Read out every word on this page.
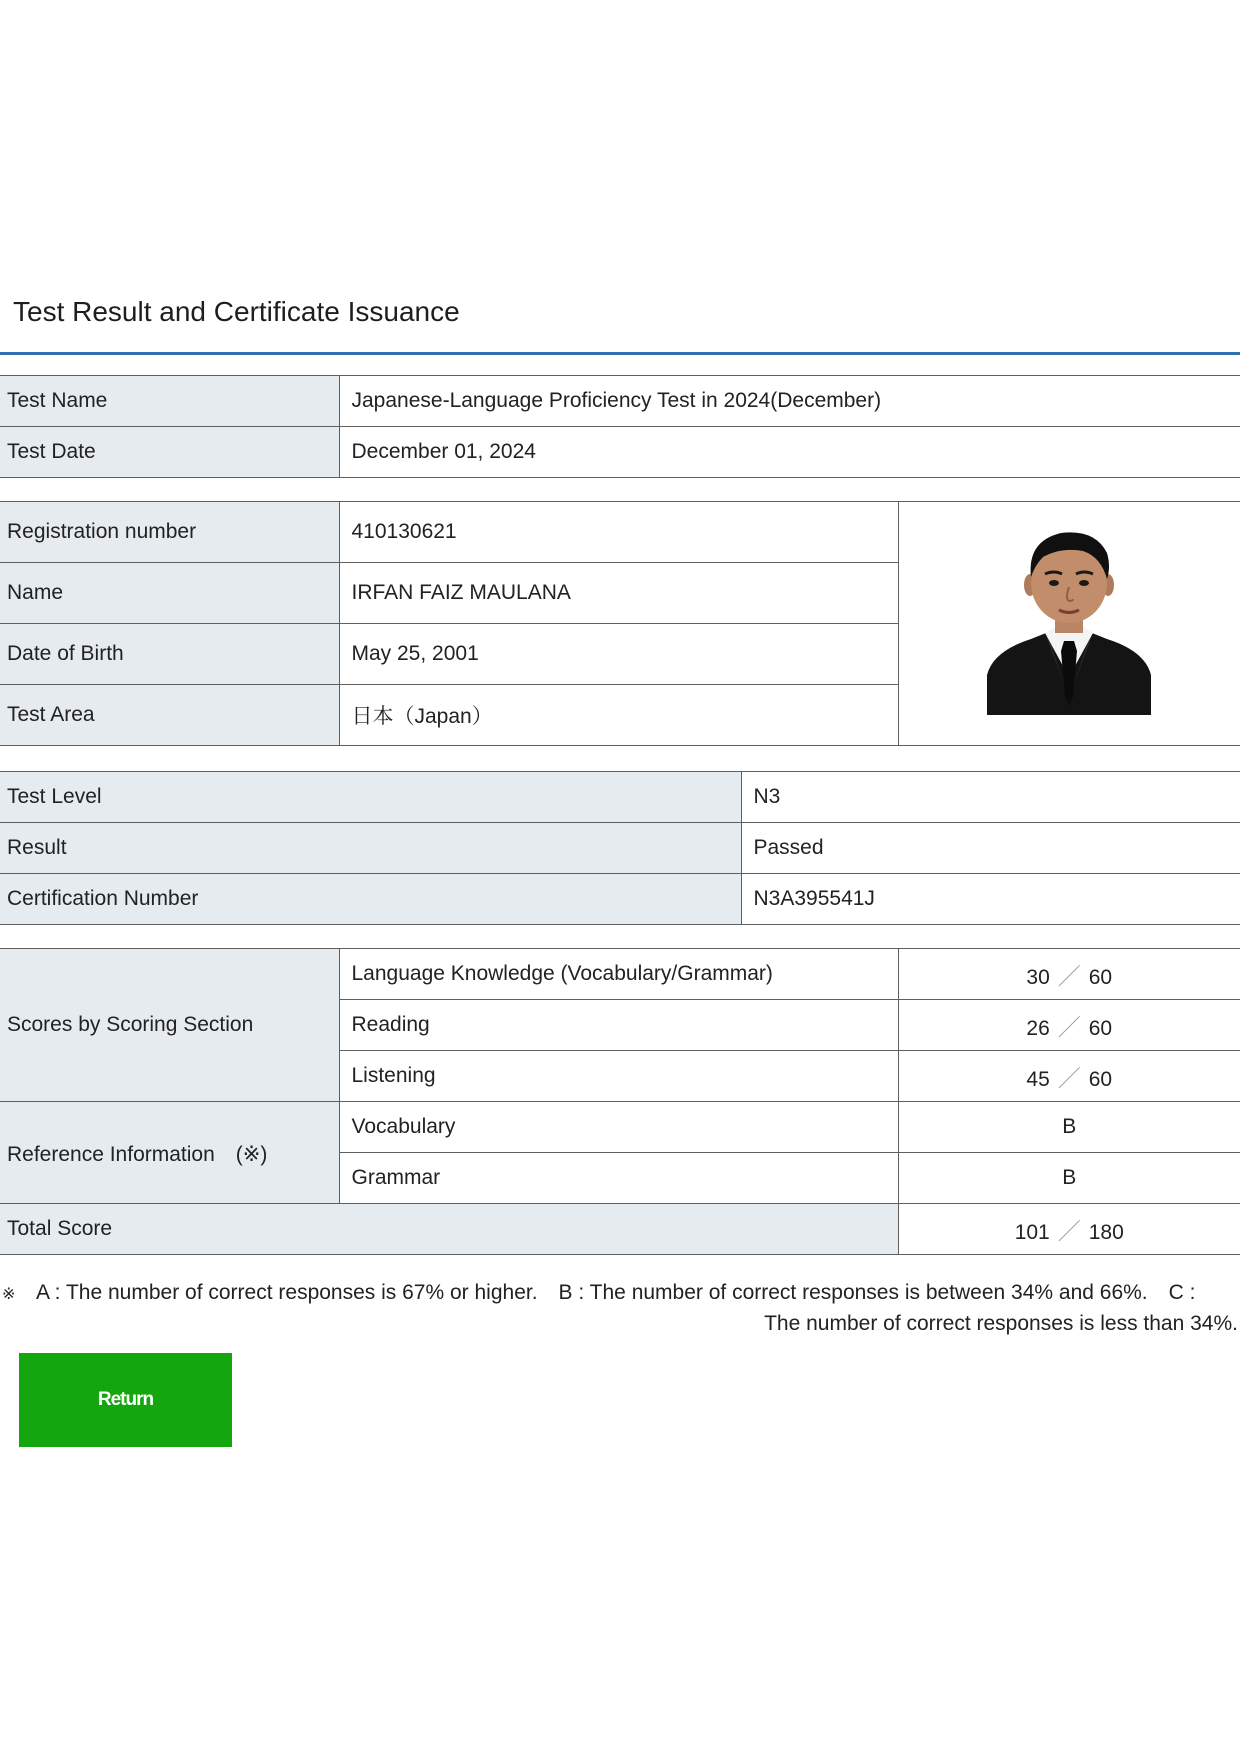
Test Result and Certificate Issuance
Test Name	Japanese-Language Proficiency Test in 2024(December)
Test Date	December 01, 2024
Registration number	410130621	
Name	IRFAN FAIZ MAULANA	
Date of Birth	May 25, 2001	
Test Area	日本（Japan）	
Test Level	N3
Result	Passed
Certification Number	N3A395541J
Scores by Scoring Section	Language Knowledge (Vocabulary/Grammar)	30 ／ 60
	Reading	26 ／ 60
	Listening	45 ／ 60
Reference Information　(※)	Vocabulary	B
	Grammar	B
Total Score		101 ／ 180
※ A : The number of correct responses is 67% or higher.　B : The number of correct responses is between 34% and 66%.　C :
The number of correct responses is less than 34%.
Return
